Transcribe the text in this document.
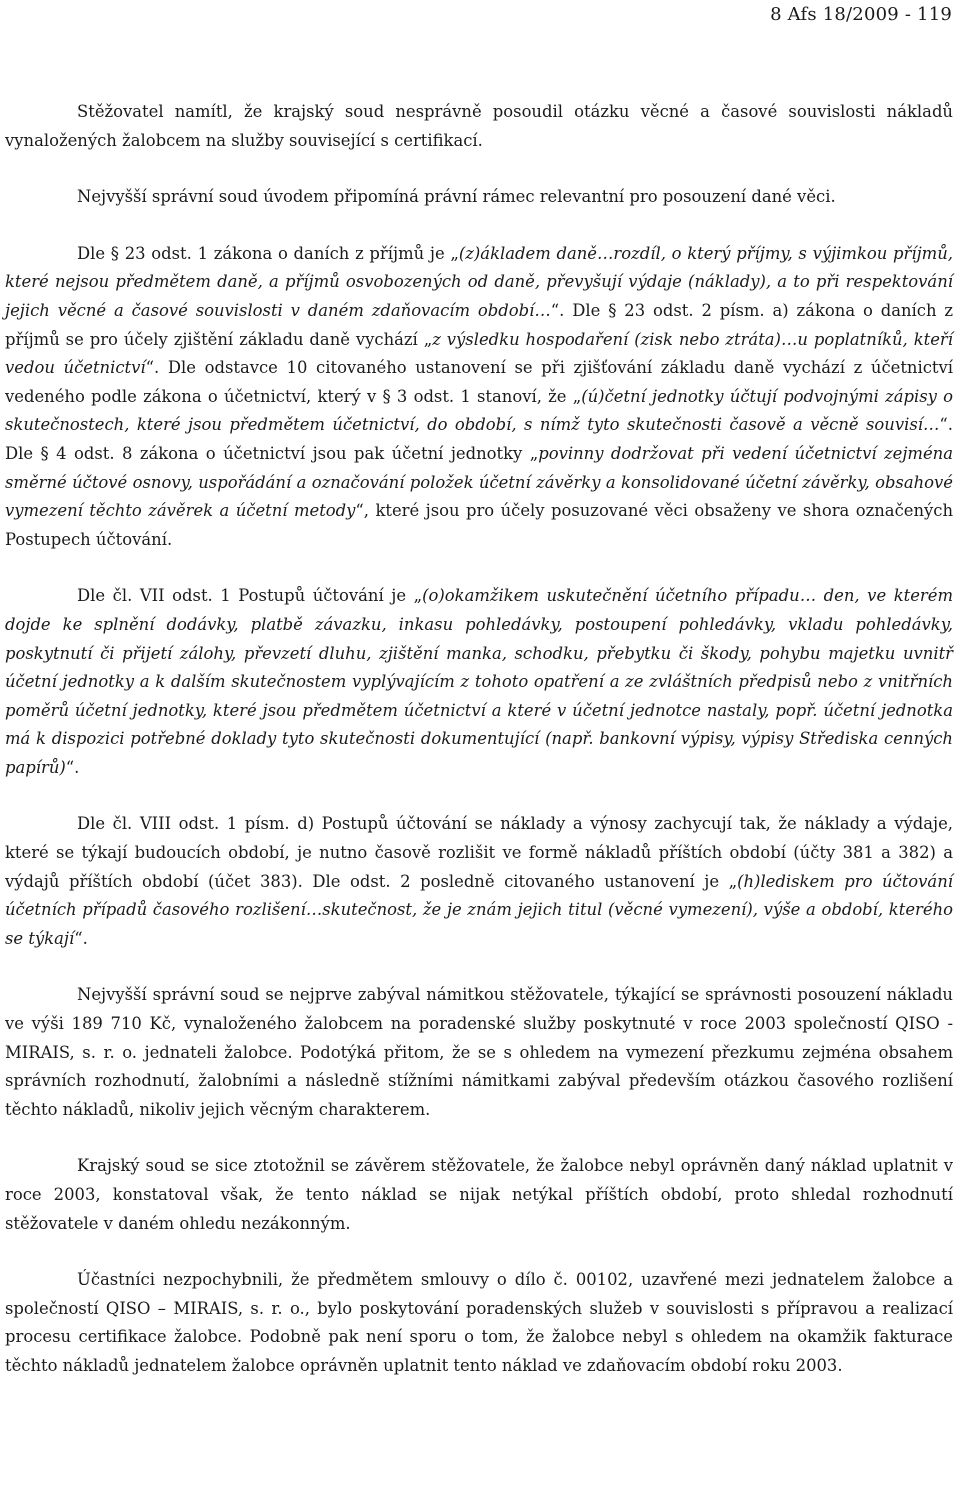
8 Afs 18/2009 - 119

Stěžovatel namítl, že krajský soud nesprávně posoudil otázku věcné a časové souvislosti nákladů vynaložených žalobcem na služby související s certifikací.

Nejvyšší správní soud úvodem připomíná právní rámec relevantní pro posouzení dané věci.

Dle § 23 odst. 1 zákona o daních z příjmů je „(z)ákladem daně…rozdíl, o který příjmy, s výjimkou příjmů, které nejsou předmětem daně, a příjmů osvobozených od daně, převyšují výdaje (náklady), a to při respektování jejich věcné a časové souvislosti v daném zdaňovacím období…“. Dle § 23 odst. 2 písm. a) zákona o daních z příjmů se pro účely zjištění základu daně vychází „z výsledku hospodaření (zisk nebo ztráta)…u poplatníků, kteří vedou účetnictví“. Dle odstavce 10 citovaného ustanovení se při zjišťování základu daně vychází z účetnictví vedeného podle zákona o účetnictví, který v § 3 odst. 1 stanoví, že „(ú)četní jednotky účtují podvojnými zápisy o skutečnostech, které jsou předmětem účetnictví, do období, s nímž tyto skutečnosti časově a věcně souvisí…“. Dle § 4 odst. 8 zákona o účetnictví jsou pak účetní jednotky „povinny dodržovat při vedení účetnictví zejména směrné účtové osnovy, uspořádání a označování položek účetní závěrky a konsolidované účetní závěrky, obsahové vymezení těchto závěrek a účetní metody“, které jsou pro účely posuzované věci obsaženy ve shora označených Postupech účtování.

Dle čl. VII odst. 1 Postupů účtování je „(o)okamžikem uskutečnění účetního případu… den, ve kterém dojde ke splnění dodávky, platbě závazku, inkasu pohledávky, postoupení pohledávky, vkladu pohledávky, poskytnutí či přijetí zálohy, převzetí dluhu, zjištění manka, schodku, přebytku či škody, pohybu majetku uvnitř účetní jednotky a k dalším skutečnostem vyplývajícím z tohoto opatření a ze zvláštních předpisů nebo z vnitřních poměrů účetní jednotky, které jsou předmětem účetnictví a které v účetní jednotce nastaly, popř. účetní jednotka má k dispozici potřebné doklady tyto skutečnosti dokumentující (např. bankovní výpisy, výpisy Střediska cenných papírů)“.

Dle čl. VIII odst. 1 písm. d) Postupů účtování se náklady a výnosy zachycují tak, že náklady a výdaje, které se týkají budoucích období, je nutno časově rozlišit ve formě nákladů příštích období (účty 381 a 382) a výdajů příštích období (účet 383). Dle odst. 2 posledně citovaného ustanovení je „(h)lediskem pro účtování účetních případů časového rozlišení…skutečnost, že je znám jejich titul (věcné vymezení), výše a období, kterého se týkají“.

Nejvyšší správní soud se nejprve zabýval námitkou stěžovatele, týkající se správnosti posouzení nákladu ve výši 189 710 Kč, vynaloženého žalobcem na poradenské služby poskytnuté v roce 2003 společností QISO - MIRAIS, s. r. o. jednateli žalobce. Podotýká přitom, že se s ohledem na vymezení přezkumu zejména obsahem správních rozhodnutí, žalobními a následně stížními námitkami zabýval především otázkou časového rozlišení těchto nákladů, nikoliv jejich věcným charakterem.

Krajský soud se sice ztotožnil se závěrem stěžovatele, že žalobce nebyl oprávněn daný náklad uplatnit v roce 2003, konstatoval však, že tento náklad se nijak netýkal příštích období, proto shledal rozhodnutí stěžovatele v daném ohledu nezákonným.

Účastníci nezpochybnili, že předmětem smlouvy o dílo č. 00102, uzavřené mezi jednatelem žalobce a společností QISO – MIRAIS, s. r. o., bylo poskytování poradenských služeb v souvislosti s přípravou a realizací procesu certifikace žalobce. Podobně pak není sporu o tom, že žalobce nebyl s ohledem na okamžik fakturace těchto nákladů jednatelem žalobce oprávněn uplatnit tento náklad ve zdaňovacím období roku 2003.
